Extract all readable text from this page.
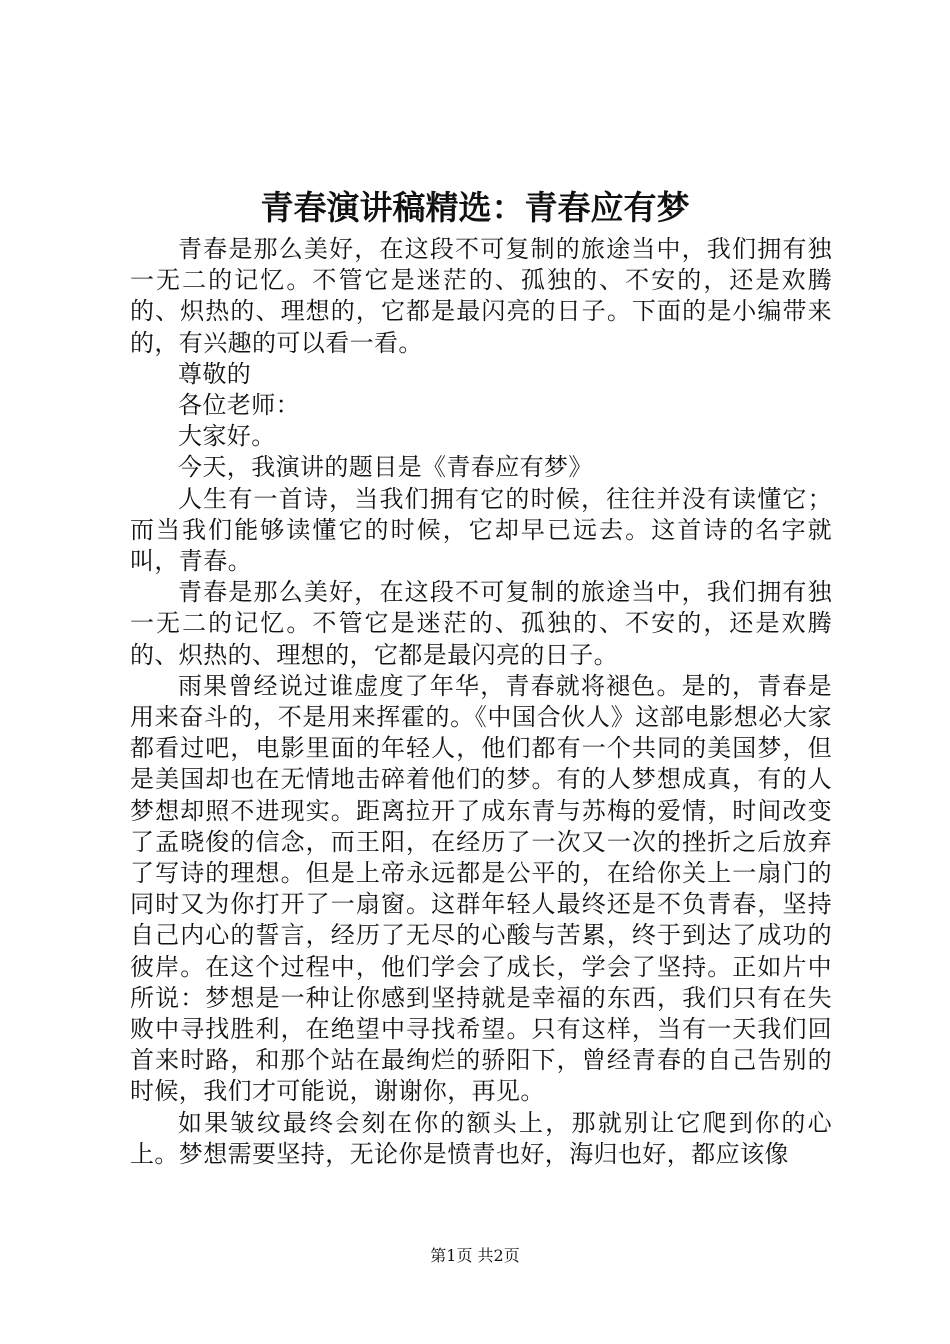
青春演讲稿精选：青春应有梦

青春是那么美好，在这段不可复制的旅途当中，我们拥有独一无二的记忆。不管它是迷茫的、孤独的、不安的，还是欢腾的、炽热的、理想的，它都是最闪亮的日子。下面的是小编带来的，有兴趣的可以看一看。

尊敬的

各位老师：

大家好。

今天，我演讲的题目是《青春应有梦》

人生有一首诗，当我们拥有它的时候，往往并没有读懂它；而当我们能够读懂它的时候，它却早已远去。这首诗的名字就叫，青春。

青春是那么美好，在这段不可复制的旅途当中，我们拥有独一无二的记忆。不管它是迷茫的、孤独的、不安的，还是欢腾的、炽热的、理想的，它都是最闪亮的日子。

雨果曾经说过谁虚度了年华，青春就将褪色。是的，青春是用来奋斗的，不是用来挥霍的。《中国合伙人》这部电影想必大家都看过吧，电影里面的年轻人，他们都有一个共同的美国梦，但是美国却也在无情地击碎着他们的梦。有的人梦想成真，有的人梦想却照不进现实。距离拉开了成东青与苏梅的爱情，时间改变了孟晓俊的信念，而王阳，在经历了一次又一次的挫折之后放弃了写诗的理想。但是上帝永远都是公平的，在给你关上一扇门的同时又为你打开了一扇窗。这群年轻人最终还是不负青春，坚持自己内心的誓言，经历了无尽的心酸与苦累，终于到达了成功的彼岸。在这个过程中，他们学会了成长，学会了坚持。正如片中所说：梦想是一种让你感到坚持就是幸福的东西，我们只有在失败中寻找胜利，在绝望中寻找希望。只有这样，当有一天我们回首来时路，和那个站在最绚烂的骄阳下，曾经青春的自己告别的时候，我们才可能说，谢谢你，再见。

如果皱纹最终会刻在你的额头上，那就别让它爬到你的心上。梦想需要坚持，无论你是愤青也好，海归也好，都应该像

第1页 共2页
